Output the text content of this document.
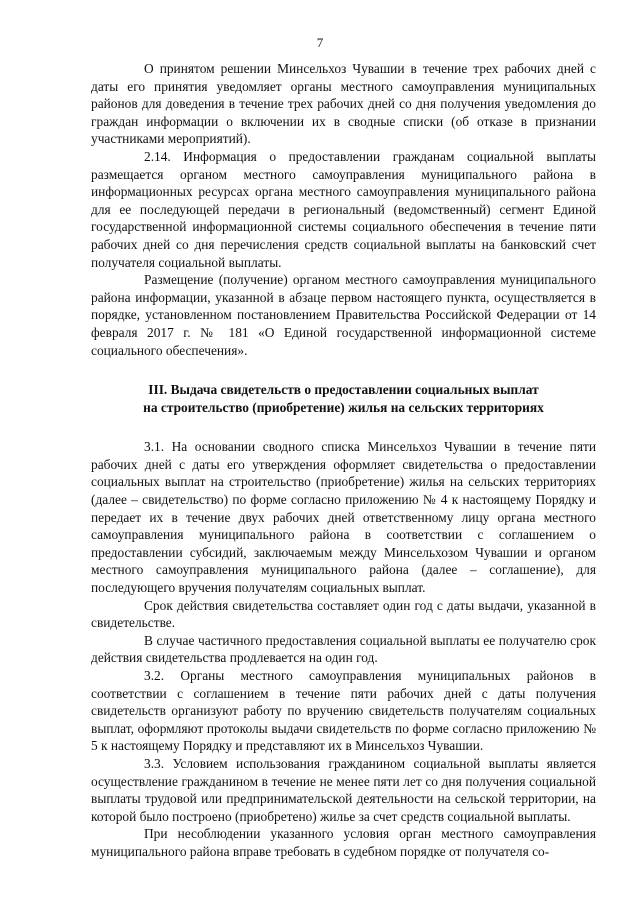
7

О принятом решении Минсельхоз Чувашии в течение трех рабочих дней с даты его принятия уведомляет органы местного самоуправления муниципальных районов для доведения в течение трех рабочих дней со дня получения уведомления до граждан информации о включении их в сводные списки (об отказе в признании участниками мероприятий).

2.14. Информация о предоставлении гражданам социальной выплаты размещается органом местного самоуправления муниципального района в информационных ресурсах органа местного самоуправления муниципального района для ее последующей передачи в региональный (ведомственный) сегмент Единой государственной информационной системы социального обеспечения в течение пяти рабочих дней со дня перечисления средств социальной выплаты на банковский счет получателя социальной выплаты.

Размещение (получение) органом местного самоуправления муниципального района информации, указанной в абзаце первом настоящего пункта, осуществляется в порядке, установленном постановлением Правительства Российской Федерации от 14 февраля 2017 г. № 181 «О Единой государственной информационной системе социального обеспечения».

III. Выдача свидетельств о предоставлении социальных выплат
на строительство (приобретение) жилья на сельских территориях

3.1. На основании сводного списка Минсельхоз Чувашии в течение пяти рабочих дней с даты его утверждения оформляет свидетельства о предоставлении социальных выплат на строительство (приобретение) жилья на сельских территориях (далее – свидетельство) по форме согласно приложению № 4 к настоящему Порядку и передает их в течение двух рабочих дней ответственному лицу органа местного самоуправления муниципального района в соответствии с соглашением о предоставлении субсидий, заключаемым между Минсельхозом Чувашии и органом местного самоуправления муниципального района (далее – соглашение), для последующего вручения получателям социальных выплат.

Срок действия свидетельства составляет один год с даты выдачи, указанной в свидетельстве.

В случае частичного предоставления социальной выплаты ее получателю срок действия свидетельства продлевается на один год.

3.2. Органы местного самоуправления муниципальных районов в соответствии с соглашением в течение пяти рабочих дней с даты получения свидетельств организуют работу по вручению свидетельств получателям социальных выплат, оформляют протоколы выдачи свидетельств по форме согласно приложению № 5 к настоящему Порядку и представляют их в Минсельхоз Чувашии.

3.3. Условием использования гражданином социальной выплаты является осуществление гражданином в течение не менее пяти лет со дня получения социальной выплаты трудовой или предпринимательской деятельности на сельской территории, на которой было построено (приобретено) жилье за счет средств социальной выплаты.

При несоблюдении указанного условия орган местного самоуправления муниципального района вправе требовать в судебном порядке от получателя со-
